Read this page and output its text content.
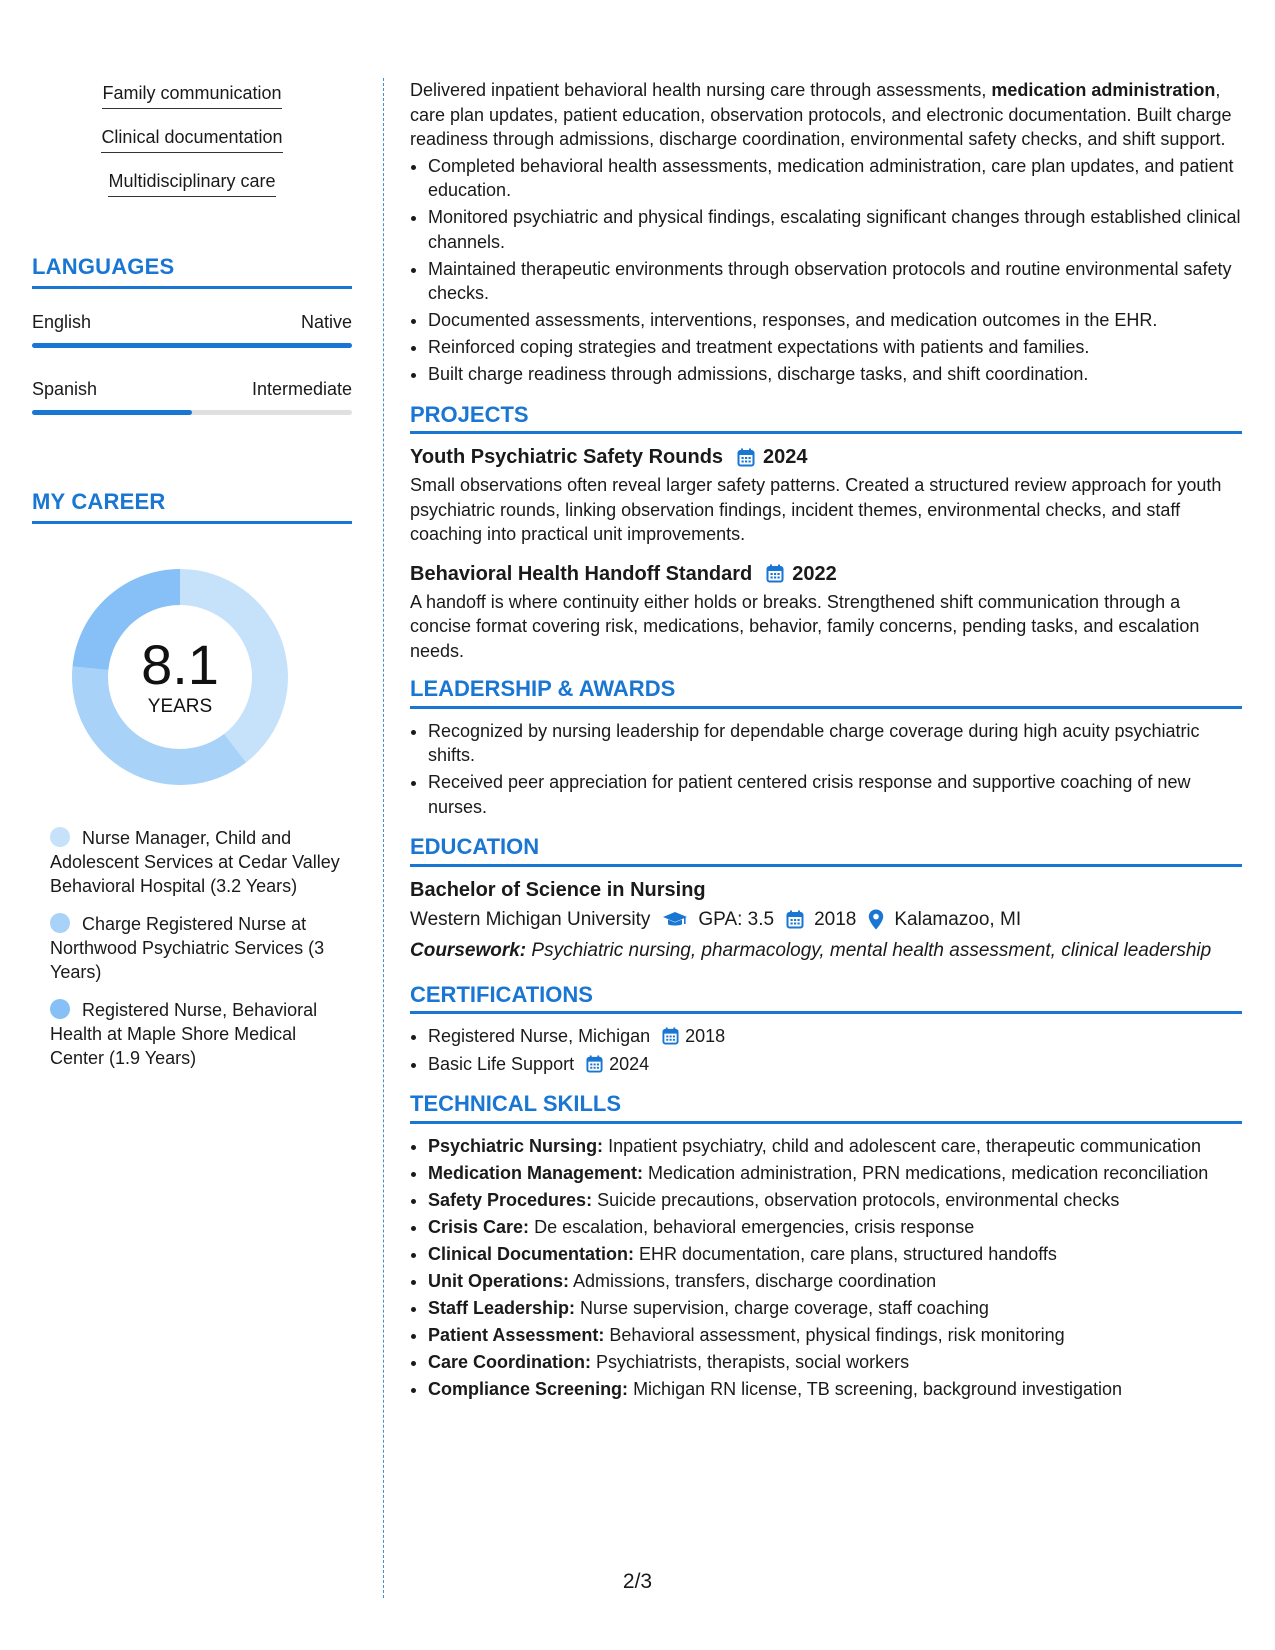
Family communication
Clinical documentation
Multidisciplinary care
LANGUAGES
English	Native
Spanish	Intermediate
MY CAREER
8.1
YEARS
Nurse Manager, Child and Adolescent Services at Cedar Valley Behavioral Hospital (3.2 Years)
Charge Registered Nurse at Northwood Psychiatric Services (3 Years)
Registered Nurse, Behavioral Health at Maple Shore Medical Center (1.9 Years)

Delivered inpatient behavioral health nursing care through assessments, medication administration, care plan updates, patient education, observation protocols, and electronic documentation. Built charge readiness through admissions, discharge coordination, environmental safety checks, and shift support.

• Completed behavioral health assessments, medication administration, care plan updates, and patient education.
• Monitored psychiatric and physical findings, escalating significant changes through established clinical channels.
• Maintained therapeutic environments through observation protocols and routine environmental safety checks.
• Documented assessments, interventions, responses, and medication outcomes in the EHR.
• Reinforced coping strategies and treatment expectations with patients and families.
• Built charge readiness through admissions, discharge tasks, and shift coordination.
PROJECTS
Youth Psychiatric Safety Rounds 2024

Small observations often reveal larger safety patterns. Created a structured review approach for youth psychiatric rounds, linking observation findings, incident themes, environmental checks, and staff coaching into practical unit improvements.

Behavioral Health Handoff Standard 2022

A handoff is where continuity either holds or breaks. Strengthened shift communication through a concise format covering risk, medications, behavior, family concerns, pending tasks, and escalation needs.

LEADERSHIP & AWARDS
• Recognized by nursing leadership for dependable charge coverage during high acuity psychiatric shifts.
• Received peer appreciation for patient centered crisis response and supportive coaching of new nurses.
EDUCATION
Bachelor of Science in Nursing
Western Michigan University	GPA: 3.5 2018 Kalamazoo, MI
Coursework: Psychiatric nursing, pharmacology, mental health assessment, clinical leadership
CERTIFICATIONS
• Registered Nurse, Michigan 2018
• Basic Life Support 2024
TECHNICAL SKILLS
• Psychiatric Nursing: Inpatient psychiatry, child and adolescent care, therapeutic communication
• Medication Management: Medication administration, PRN medications, medication reconciliation
• Safety Procedures: Suicide precautions, observation protocols, environmental checks
• Crisis Care: De escalation, behavioral emergencies, crisis response
• Clinical Documentation: EHR documentation, care plans, structured handoffs
• Unit Operations: Admissions, transfers, discharge coordination
• Staff Leadership: Nurse supervision, charge coverage, staff coaching
• Patient Assessment: Behavioral assessment, physical findings, risk monitoring
• Care Coordination: Psychiatrists, therapists, social workers
• Compliance Screening: Michigan RN license, TB screening, background investigation
2/3
